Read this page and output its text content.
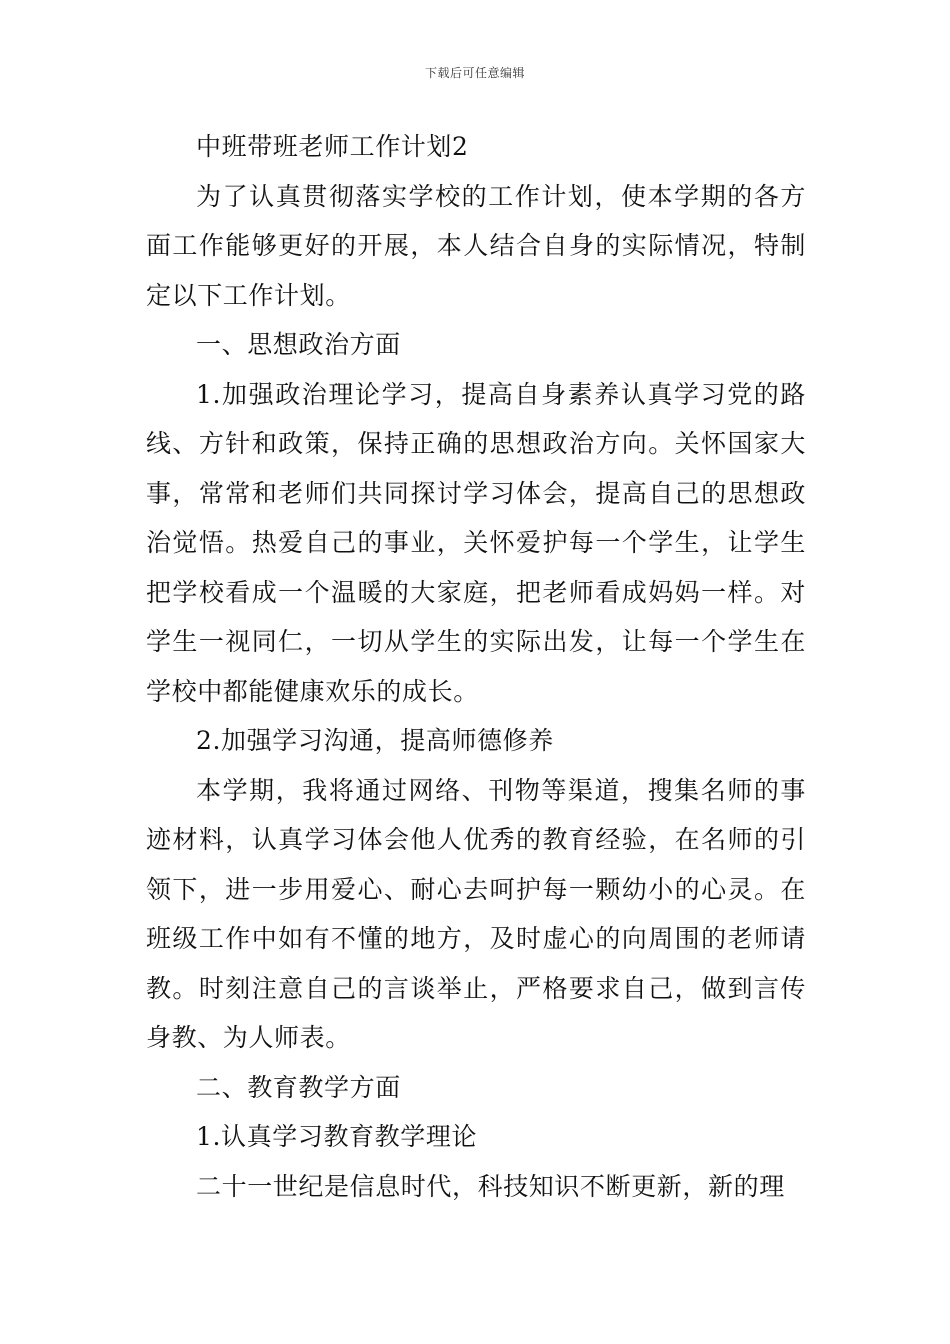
下载后可任意编辑

中班带班老师工作计划2

为了认真贯彻落实学校的工作计划，使本学期的各方面工作能够更好的开展，本人结合自身的实际情况，特制定以下工作计划。

一、思想政治方面

1.加强政治理论学习，提高自身素养认真学习党的路线、方针和政策，保持正确的思想政治方向。关怀国家大事，常常和老师们共同探讨学习体会，提高自己的思想政治觉悟。热爱自己的事业，关怀爱护每一个学生，让学生把学校看成一个温暖的大家庭，把老师看成妈妈一样。对学生一视同仁，一切从学生的实际出发，让每一个学生在学校中都能健康欢乐的成长。

2.加强学习沟通，提高师德修养

本学期，我将通过网络、刊物等渠道，搜集名师的事迹材料，认真学习体会他人优秀的教育经验，在名师的引领下，进一步用爱心、耐心去呵护每一颗幼小的心灵。在班级工作中如有不懂的地方，及时虚心的向周围的老师请教。时刻注意自己的言谈举止，严格要求自己，做到言传身教、为人师表。

二、教育教学方面

1.认真学习教育教学理论

二十一世纪是信息时代，科技知识不断更新，新的理
